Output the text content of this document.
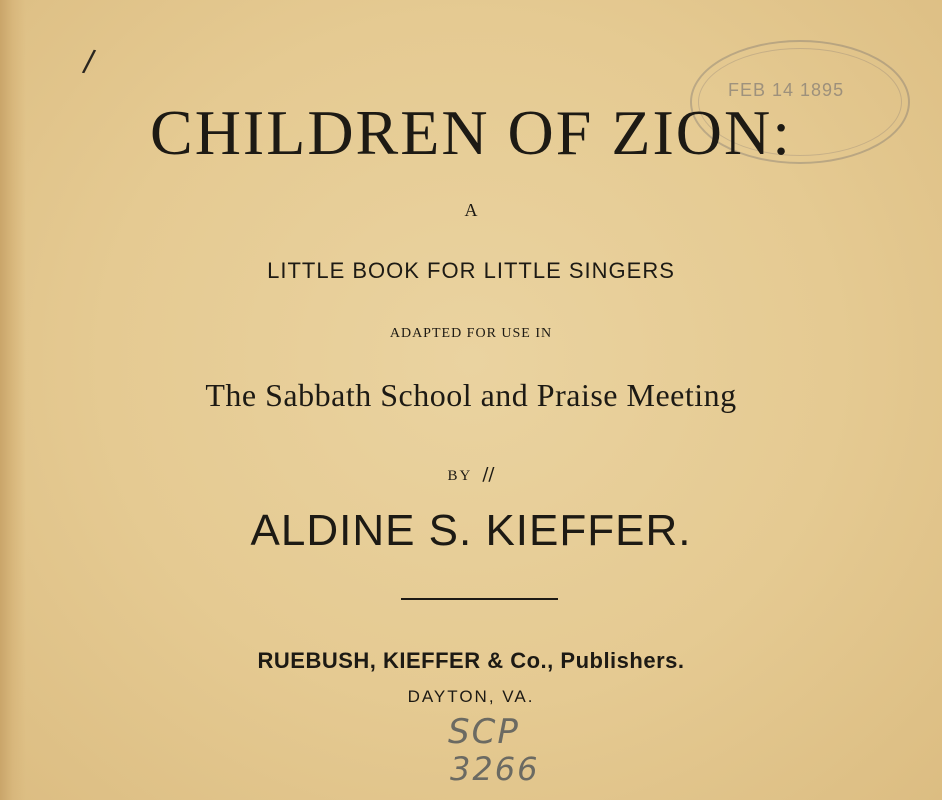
FEB 14 1895
/
CHILDREN OF ZION:
A
LITTLE BOOK FOR LITTLE SINGERS
ADAPTED FOR USE IN
The Sabbath School and Praise Meeting
BY //
ALDINE S. KIEFFER.
RUEBUSH, KIEFFER & Co., Publishers.
DAYTON, VA.
SCP
3266
